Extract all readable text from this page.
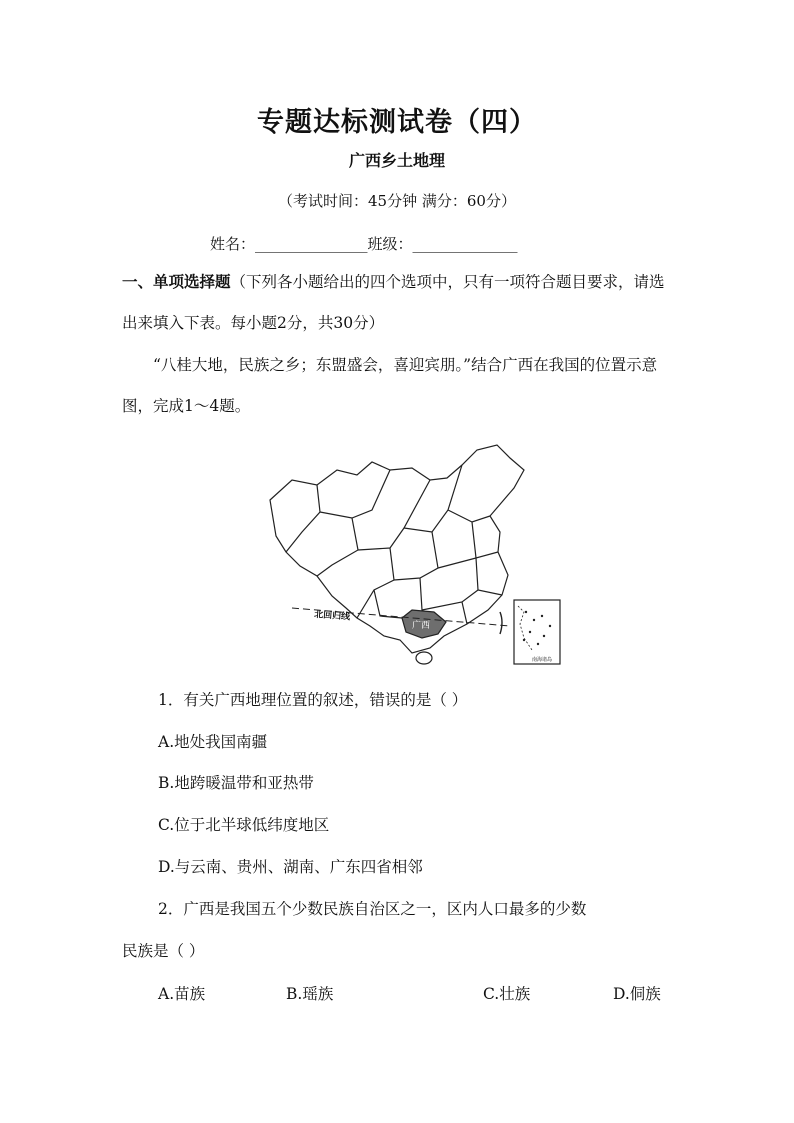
专题达标测试卷（四）
广西乡土地理
（考试时间：45分钟 满分：60分）
姓名：_______________班级：______________
一、单项选择题（下列各小题给出的四个选项中，只有一项符合题目要求，请选出来填入下表。每小题2分，共30分）
“八桂大地，民族之乡；东盟盛会，喜迎宾朋。”结合广西在我国的位置示意图，完成1～4题。
北回归线
广西
南海诸岛
1．有关广西地理位置的叙述，错误的是（ ）
A.地处我国南疆
B.地跨暖温带和亚热带
C.位于北半球低纬度地区
D.与云南、贵州、湖南、广东四省相邻
2．广西是我国五个少数民族自治区之一，区内人口最多的少数
民族是（ ）
A.苗族	B.瑶族	C.壮族	D.侗族
